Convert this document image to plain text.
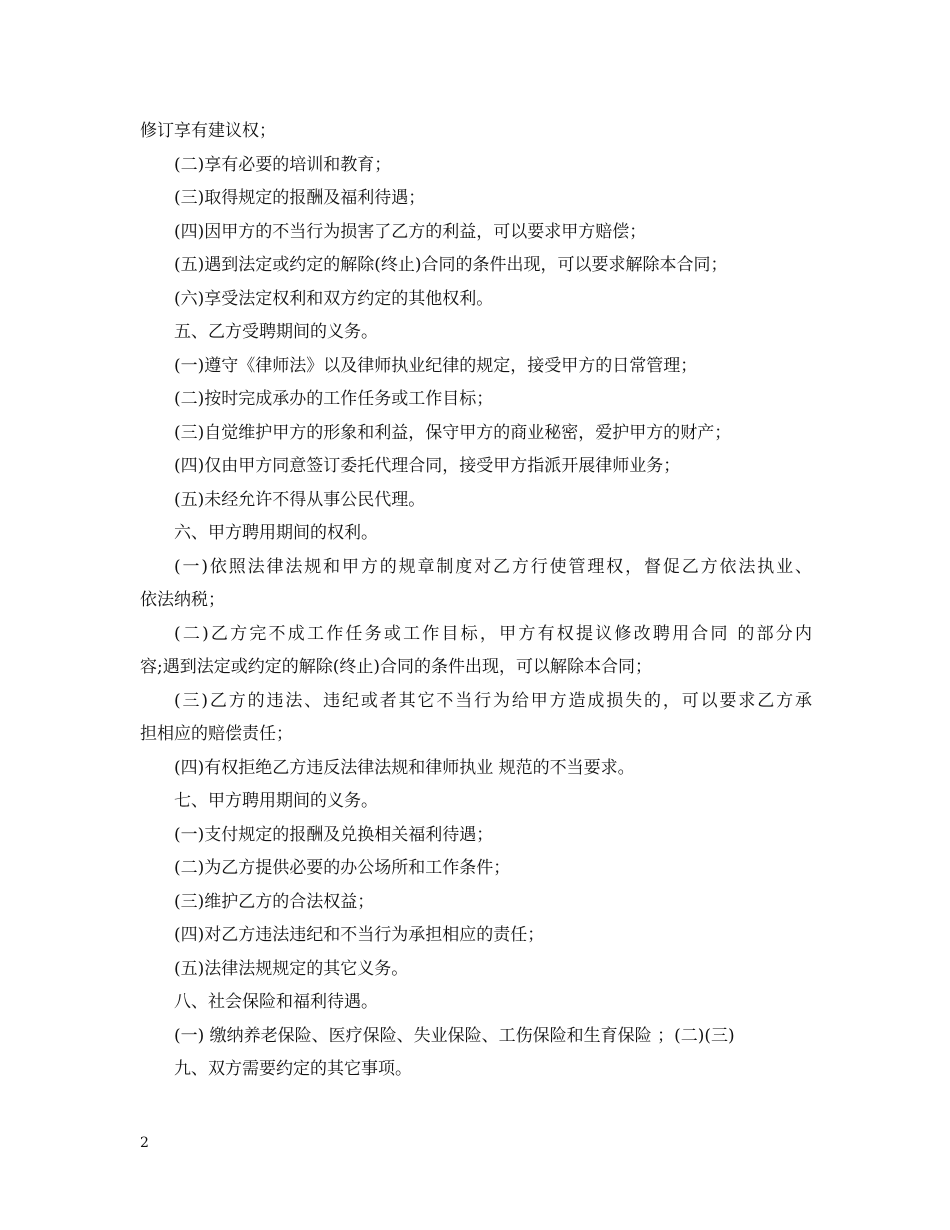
修订享有建议权；
(二)享有必要的培训和教育；
(三)取得规定的报酬及福利待遇；
(四)因甲方的不当行为损害了乙方的利益，可以要求甲方赔偿；
(五)遇到法定或约定的解除(终止)合同的条件出现，可以要求解除本合同；
(六)享受法定权利和双方约定的其他权利。
五、乙方受聘期间的义务。
(一)遵守《律师法》以及律师执业纪律的规定，接受甲方的日常管理；
(二)按时完成承办的工作任务或工作目标；
(三)自觉维护甲方的形象和利益，保守甲方的商业秘密，爱护甲方的财产；
(四)仅由甲方同意签订委托代理合同，接受甲方指派开展律师业务；
(五)未经允许不得从事公民代理。
六、甲方聘用期间的权利。
(一)依照法律法规和甲方的规章制度对乙方行使管理权，督促乙方依法执业、
依法纳税；
(二)乙方完不成工作任务或工作目标，甲方有权提议修改聘用合同 的部分内
容;遇到法定或约定的解除(终止)合同的条件出现，可以解除本合同；
(三)乙方的违法、违纪或者其它不当行为给甲方造成损失的，可以要求乙方承
担相应的赔偿责任；
(四)有权拒绝乙方违反法律法规和律师执业 规范的不当要求。
七、甲方聘用期间的义务。
(一)支付规定的报酬及兑换相关福利待遇；
(二)为乙方提供必要的办公场所和工作条件；
(三)维护乙方的合法权益；
(四)对乙方违法违纪和不当行为承担相应的责任；
(五)法律法规规定的其它义务。
八、社会保险和福利待遇。
(一) 缴纳养老保险、医疗保险、失业保险、工伤保险和生育保险 ；(二)(三)
九、双方需要约定的其它事项。
2
